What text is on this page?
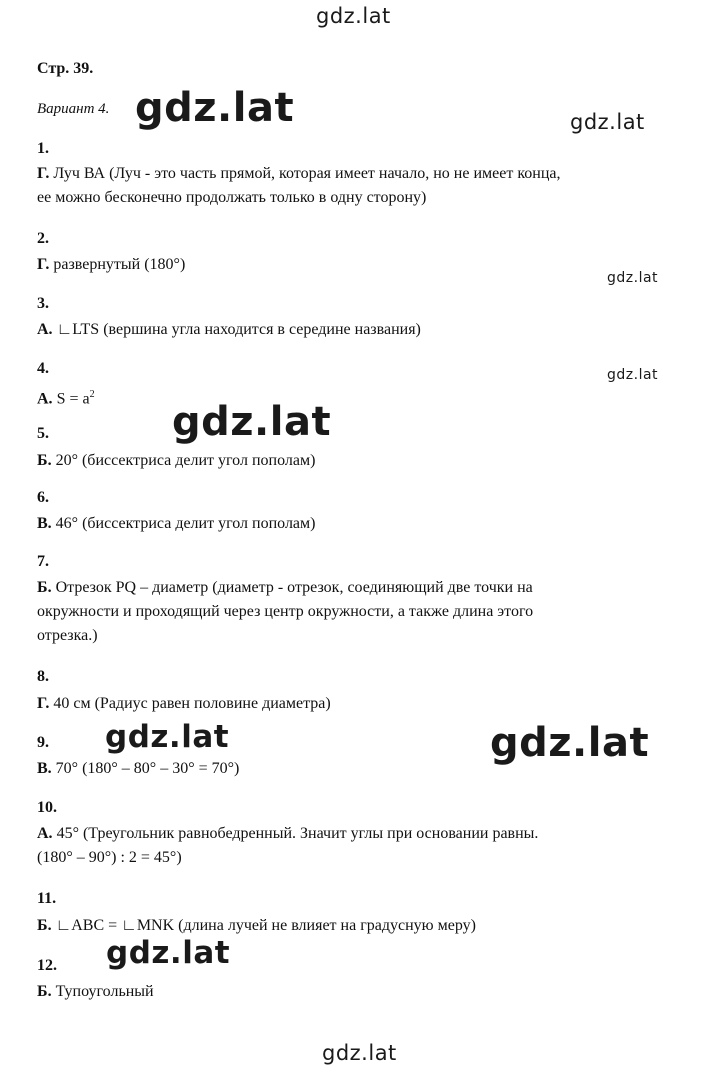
Стр. 39.
Вариант 4.
1.
Г. Луч ВА (Луч - это часть прямой, которая имеет начало, но не имеет конца,
ее можно бесконечно продолжать только в одну сторону)
2.
Г. развернутый (180°)
3.
А. ∟LTS (вершина угла находится в середине названия)
4.
А. $S = a^2$
5.
Б. 20° (биссектриса делит угол пополам)
6.
В. 46° (биссектриса делит угол пополам)
7.
Б. Отрезок PQ – диаметр (диаметр - отрезок, соединяющий две точки на
окружности и проходящий через центр окружности, а также длина этого
отрезка.)
8.
Г. 40 см (Радиус равен половине диаметра)
9.
В. 70° (180° – 80° – 30° = 70°)
10.
А. 45° (Треугольник равнобедренный. Значит углы при основании равны.
(180° – 90°) : 2 = 45°)
11.
Б. ∟ABC = ∟MNK (длина лучей не влияет на градусную меру)
12.
Б. Тупоугольный
gdz.lat
gdz.lat
gdz.lat
gdz.lat
gdz.lat
gdz.lat
gdz.lat
gdz.lat
gdz.lat
gdz.lat
